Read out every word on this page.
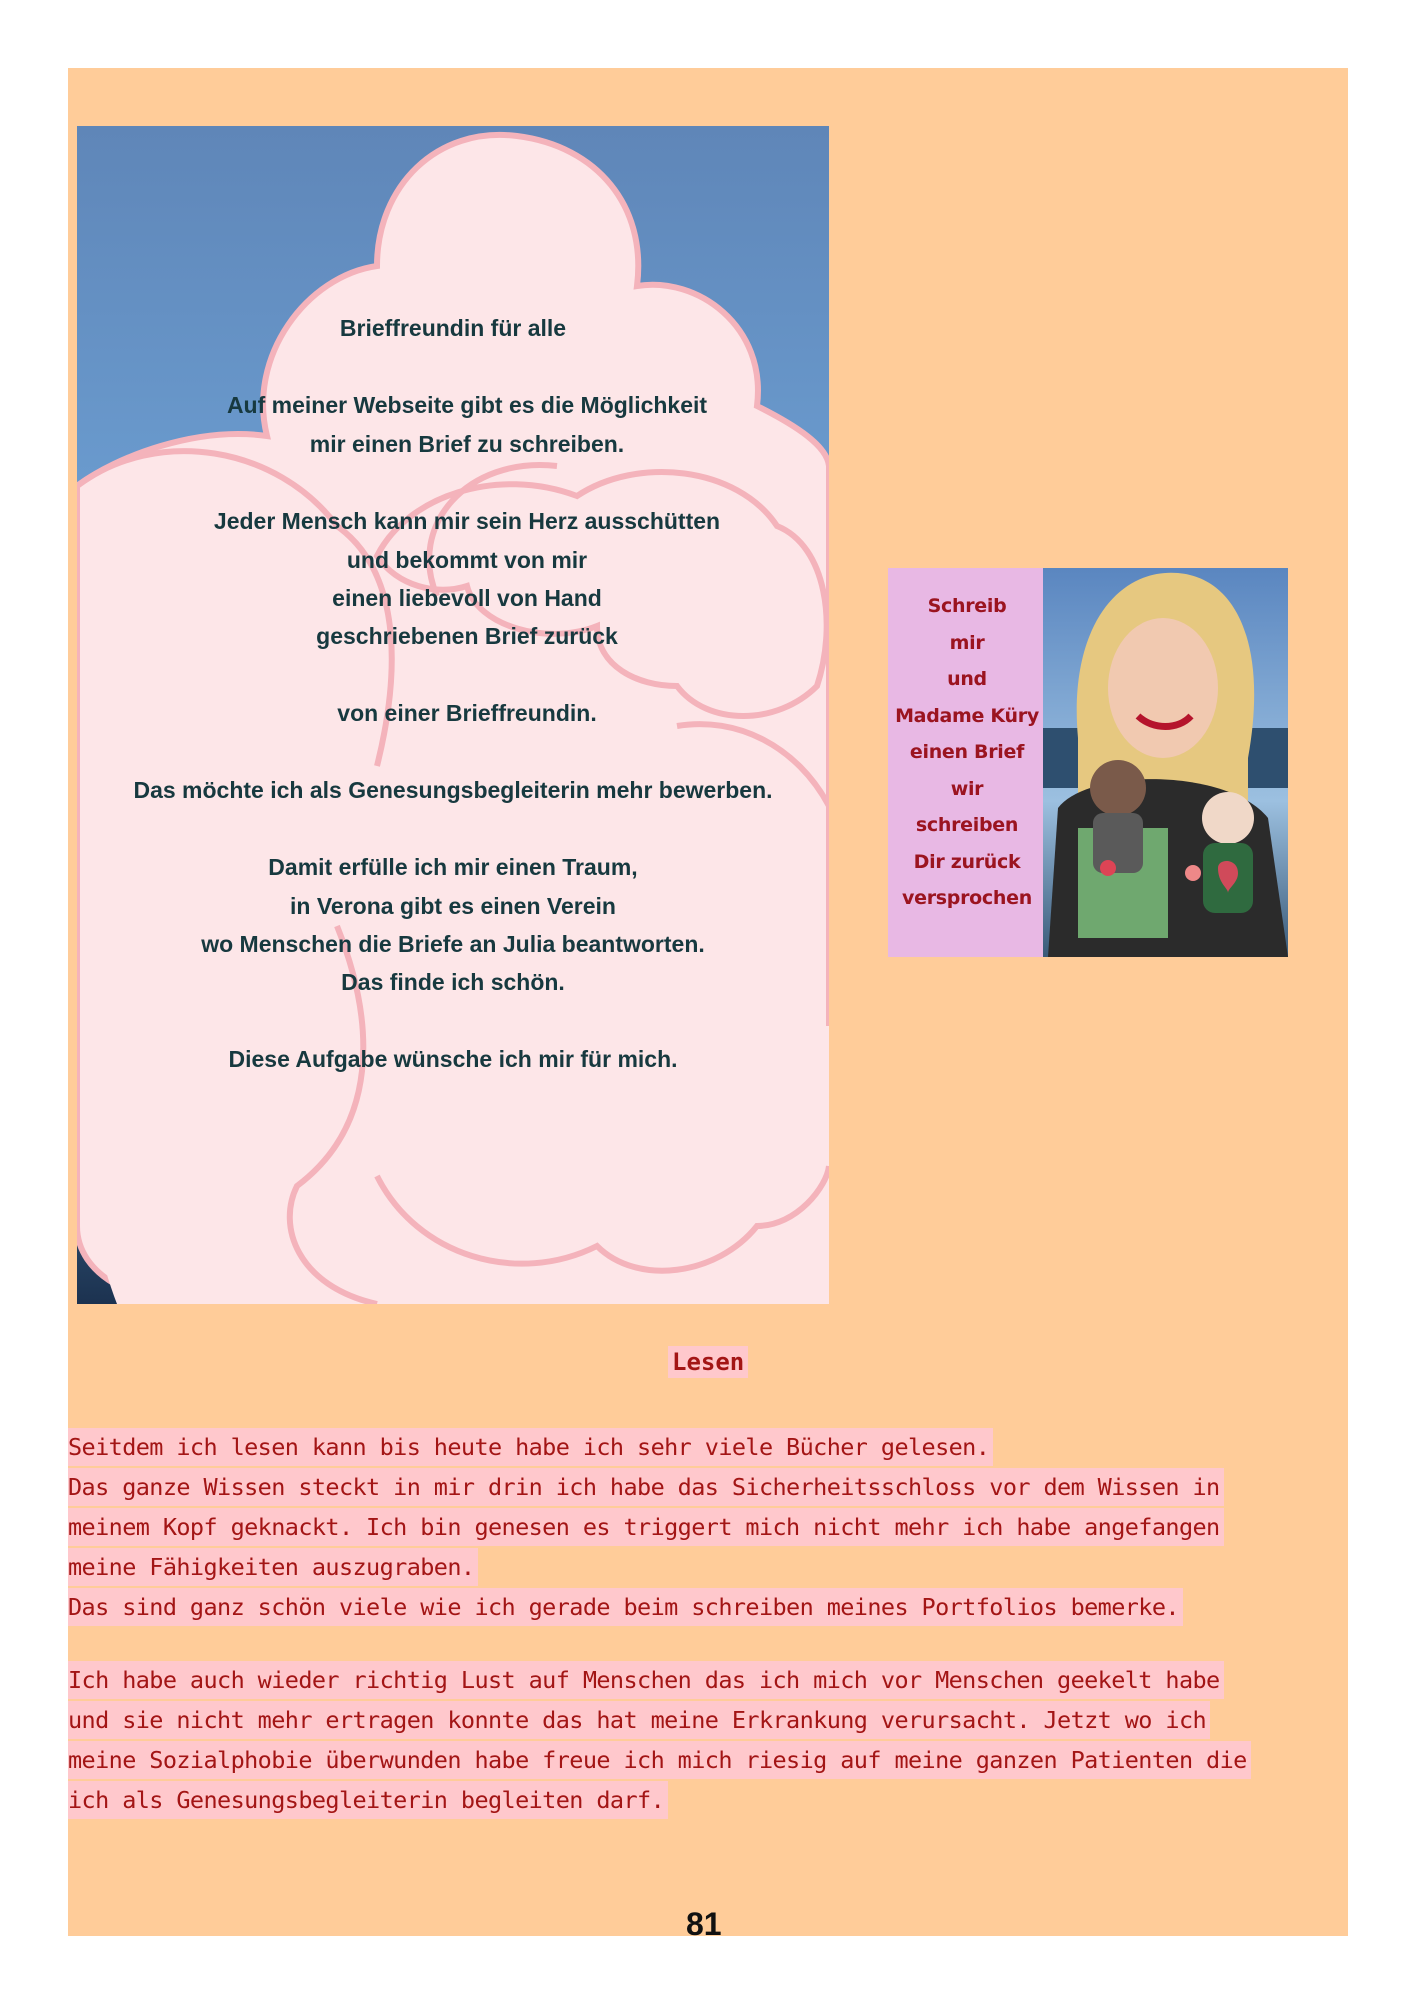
Brieffreundin für alle
Auf meiner Webseite gibt es die Möglichkeit
mir einen Brief zu schreiben.
Jeder Mensch kann mir sein Herz ausschütten
und bekommt von mir
einen liebevoll von Hand
geschriebenen Brief zurück
von einer Brieffreundin.
Das möchte ich als Genesungsbegleiterin mehr bewerben.
Damit erfülle ich mir einen Traum,
in Verona gibt es einen Verein
wo Menschen die Briefe an Julia beantworten.
Das finde ich schön.
Diese Aufgabe wünsche ich mir für mich.
Schreib
mir
und
Madame Küry
einen Brief
wir
schreiben
Dir zurück
versprochen
Lesen
Seitdem ich lesen kann bis heute habe ich sehr viele Bücher gelesen.
Das ganze Wissen steckt in mir drin ich habe das Sicherheitsschloss vor dem Wissen in
meinem Kopf geknackt. Ich bin genesen es triggert mich nicht mehr ich habe angefangen
meine Fähigkeiten auszugraben.
Das sind ganz schön viele wie ich gerade beim schreiben meines Portfolios bemerke.
Ich habe auch wieder richtig Lust auf Menschen das ich mich vor Menschen geekelt habe
und sie nicht mehr ertragen konnte das hat meine Erkrankung verursacht. Jetzt wo ich
meine Sozialphobie überwunden habe freue ich mich riesig auf meine ganzen Patienten die
ich als Genesungsbegleiterin begleiten darf.
81
